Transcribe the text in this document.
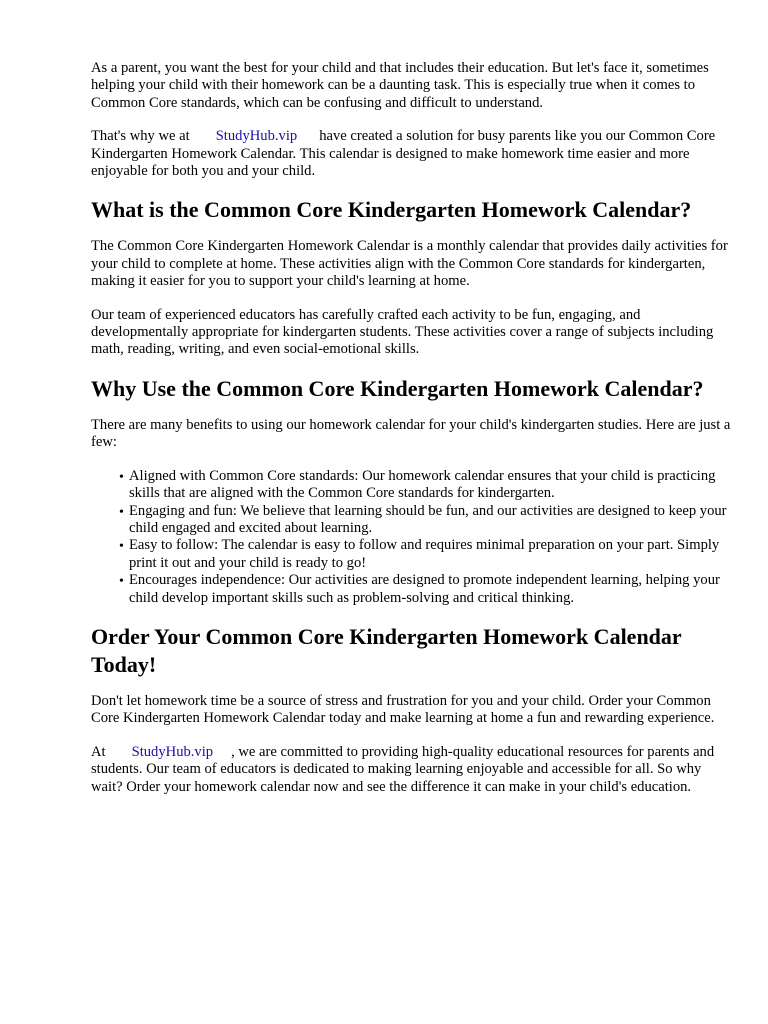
As a parent, you want the best for your child and that includes their education. But let's face it, sometimes helping your child with their homework can be a daunting task. This is especially true when it comes to Common Core standards, which can be confusing and difficult to understand.

That's why we at StudyHub.vip have created a solution for busy parents like you our Common Core Kindergarten Homework Calendar. This calendar is designed to make homework time easier and more enjoyable for both you and your child.

What is the Common Core Kindergarten Homework Calendar?

The Common Core Kindergarten Homework Calendar is a monthly calendar that provides daily activities for your child to complete at home. These activities align with the Common Core standards for kindergarten, making it easier for you to support your child's learning at home.

Our team of experienced educators has carefully crafted each activity to be fun, engaging, and developmentally appropriate for kindergarten students. These activities cover a range of subjects including math, reading, writing, and even social-emotional skills.

Why Use the Common Core Kindergarten Homework Calendar?

There are many benefits to using our homework calendar for your child's kindergarten studies. Here are just a few:

• Aligned with Common Core standards: Our homework calendar ensures that your child is practicing skills that are aligned with the Common Core standards for kindergarten.
• Engaging and fun: We believe that learning should be fun, and our activities are designed to keep your child engaged and excited about learning.
• Easy to follow: The calendar is easy to follow and requires minimal preparation on your part. Simply print it out and your child is ready to go!
• Encourages independence: Our activities are designed to promote independent learning, helping your child develop important skills such as problem-solving and critical thinking.
Order Your Common Core Kindergarten Homework Calendar Today!

Don't let homework time be a source of stress and frustration for you and your child. Order your Common Core Kindergarten Homework Calendar today and make learning at home a fun and rewarding experience.

At StudyHub.vip , we are committed to providing high-quality educational resources for parents and students. Our team of educators is dedicated to making learning enjoyable and accessible for all. So why wait? Order your homework calendar now and see the difference it can make in your child's education.
